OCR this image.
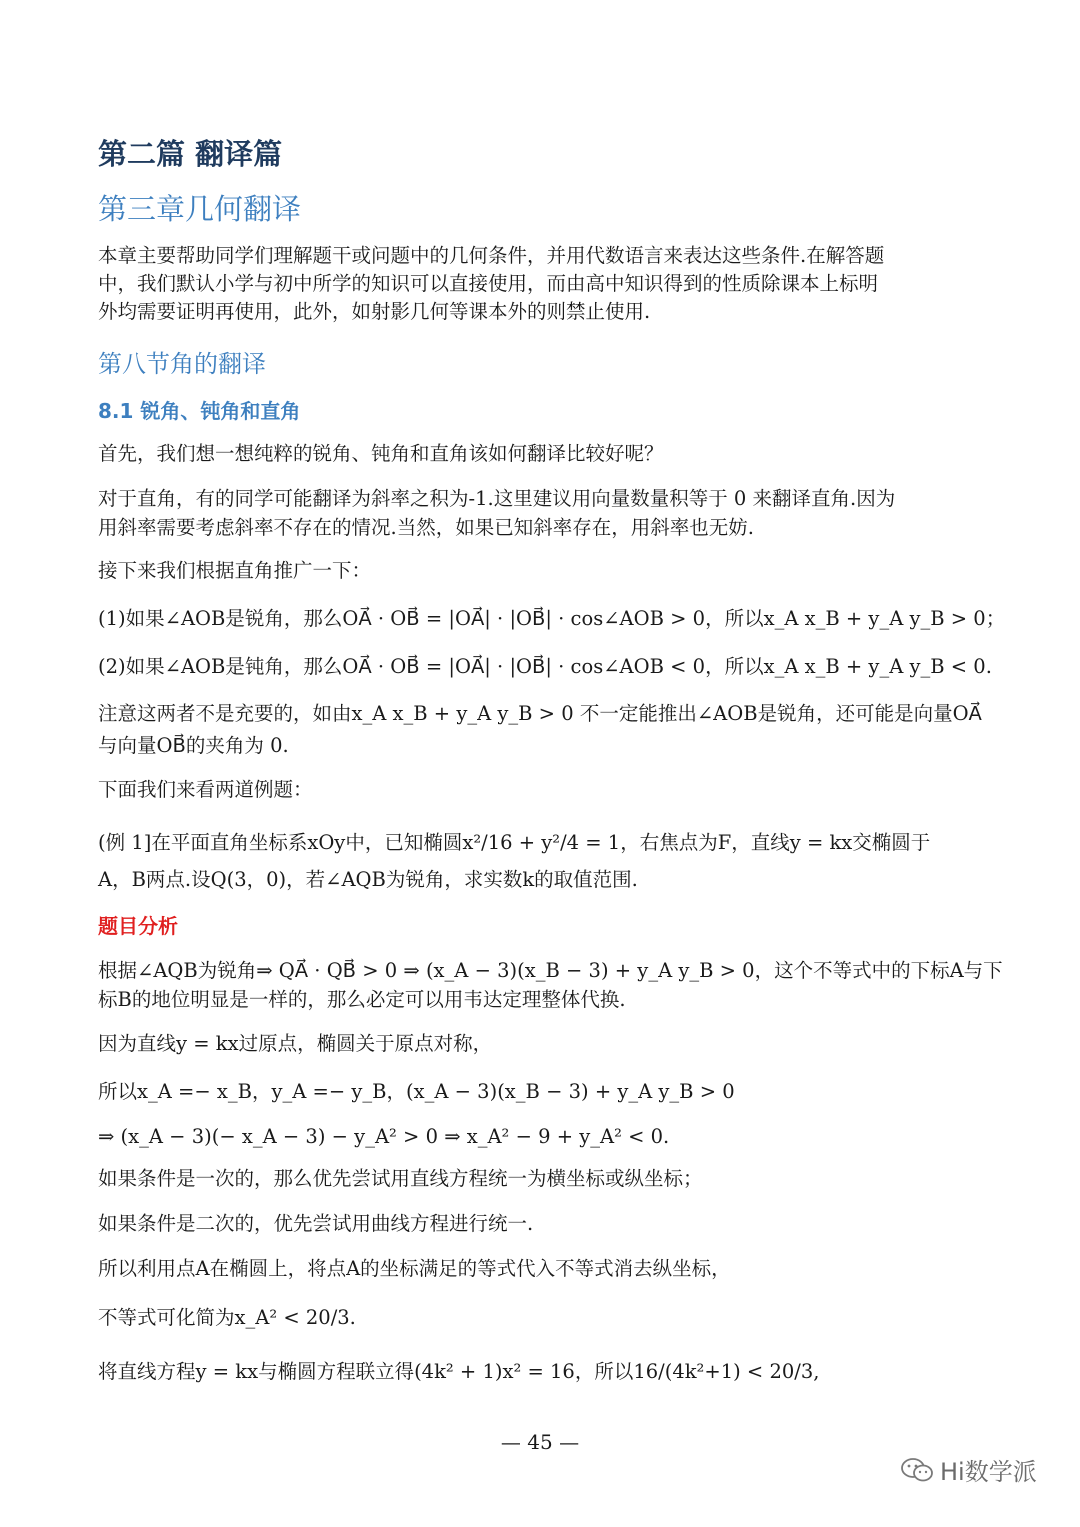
第二篇 翻译篇
第三章几何翻译
本章主要帮助同学们理解题干或问题中的几何条件，并用代数语言来表达这些条件.在解答题
中，我们默认小学与初中所学的知识可以直接使用，而由高中知识得到的性质除课本上标明
外均需要证明再使用，此外，如射影几何等课本外的则禁止使用.
第八节角的翻译
8.1 锐角、钝角和直角
首先，我们想一想纯粹的锐角、钝角和直角该如何翻译比较好呢？
对于直角，有的同学可能翻译为斜率之积为-1.这里建议用向量数量积等于 0 来翻译直角.因为
用斜率需要考虑斜率不存在的情况.当然，如果已知斜率存在，用斜率也无妨.
接下来我们根据直角推广一下：
(1)如果∠AOB是锐角，那么OA⃗ · OB⃗ = |OA⃗| · |OB⃗| · cos∠AOB > 0，所以x_A x_B + y_A y_B > 0；
(2)如果∠AOB是钝角，那么OA⃗ · OB⃗ = |OA⃗| · |OB⃗| · cos∠AOB < 0，所以x_A x_B + y_A y_B < 0.
注意这两者不是充要的，如由x_A x_B + y_A y_B > 0 不一定能推出∠AOB是锐角，还可能是向量OA⃗
与向量OB⃗的夹角为 0.
下面我们来看两道例题：
(例 1]在平面直角坐标系xOy中，已知椭圆x²/16 + y²/4 = 1，右焦点为F，直线y = kx交椭圆于
A，B两点.设Q(3，0)，若∠AQB为锐角，求实数k的取值范围.
题目分析
根据∠AQB为锐角⇒ QA⃗ · QB⃗ > 0 ⇒ (x_A − 3)(x_B − 3) + y_A y_B > 0，这个不等式中的下标A与下
标B的地位明显是一样的，那么必定可以用韦达定理整体代换.
因为直线y = kx过原点，椭圆关于原点对称，
所以x_A =− x_B，y_A =− y_B，(x_A − 3)(x_B − 3) + y_A y_B > 0
⇒ (x_A − 3)(− x_A − 3) − y_A² > 0 ⇒ x_A² − 9 + y_A² < 0.
如果条件是一次的，那么优先尝试用直线方程统一为横坐标或纵坐标；
如果条件是二次的，优先尝试用曲线方程进行统一.
所以利用点A在椭圆上，将点A的坐标满足的等式代入不等式消去纵坐标，
不等式可化简为x_A² < 20/3.
将直线方程y = kx与椭圆方程联立得(4k² + 1)x² = 16，所以16/(4k²+1) < 20/3,
— 45 —
Hi数学派
